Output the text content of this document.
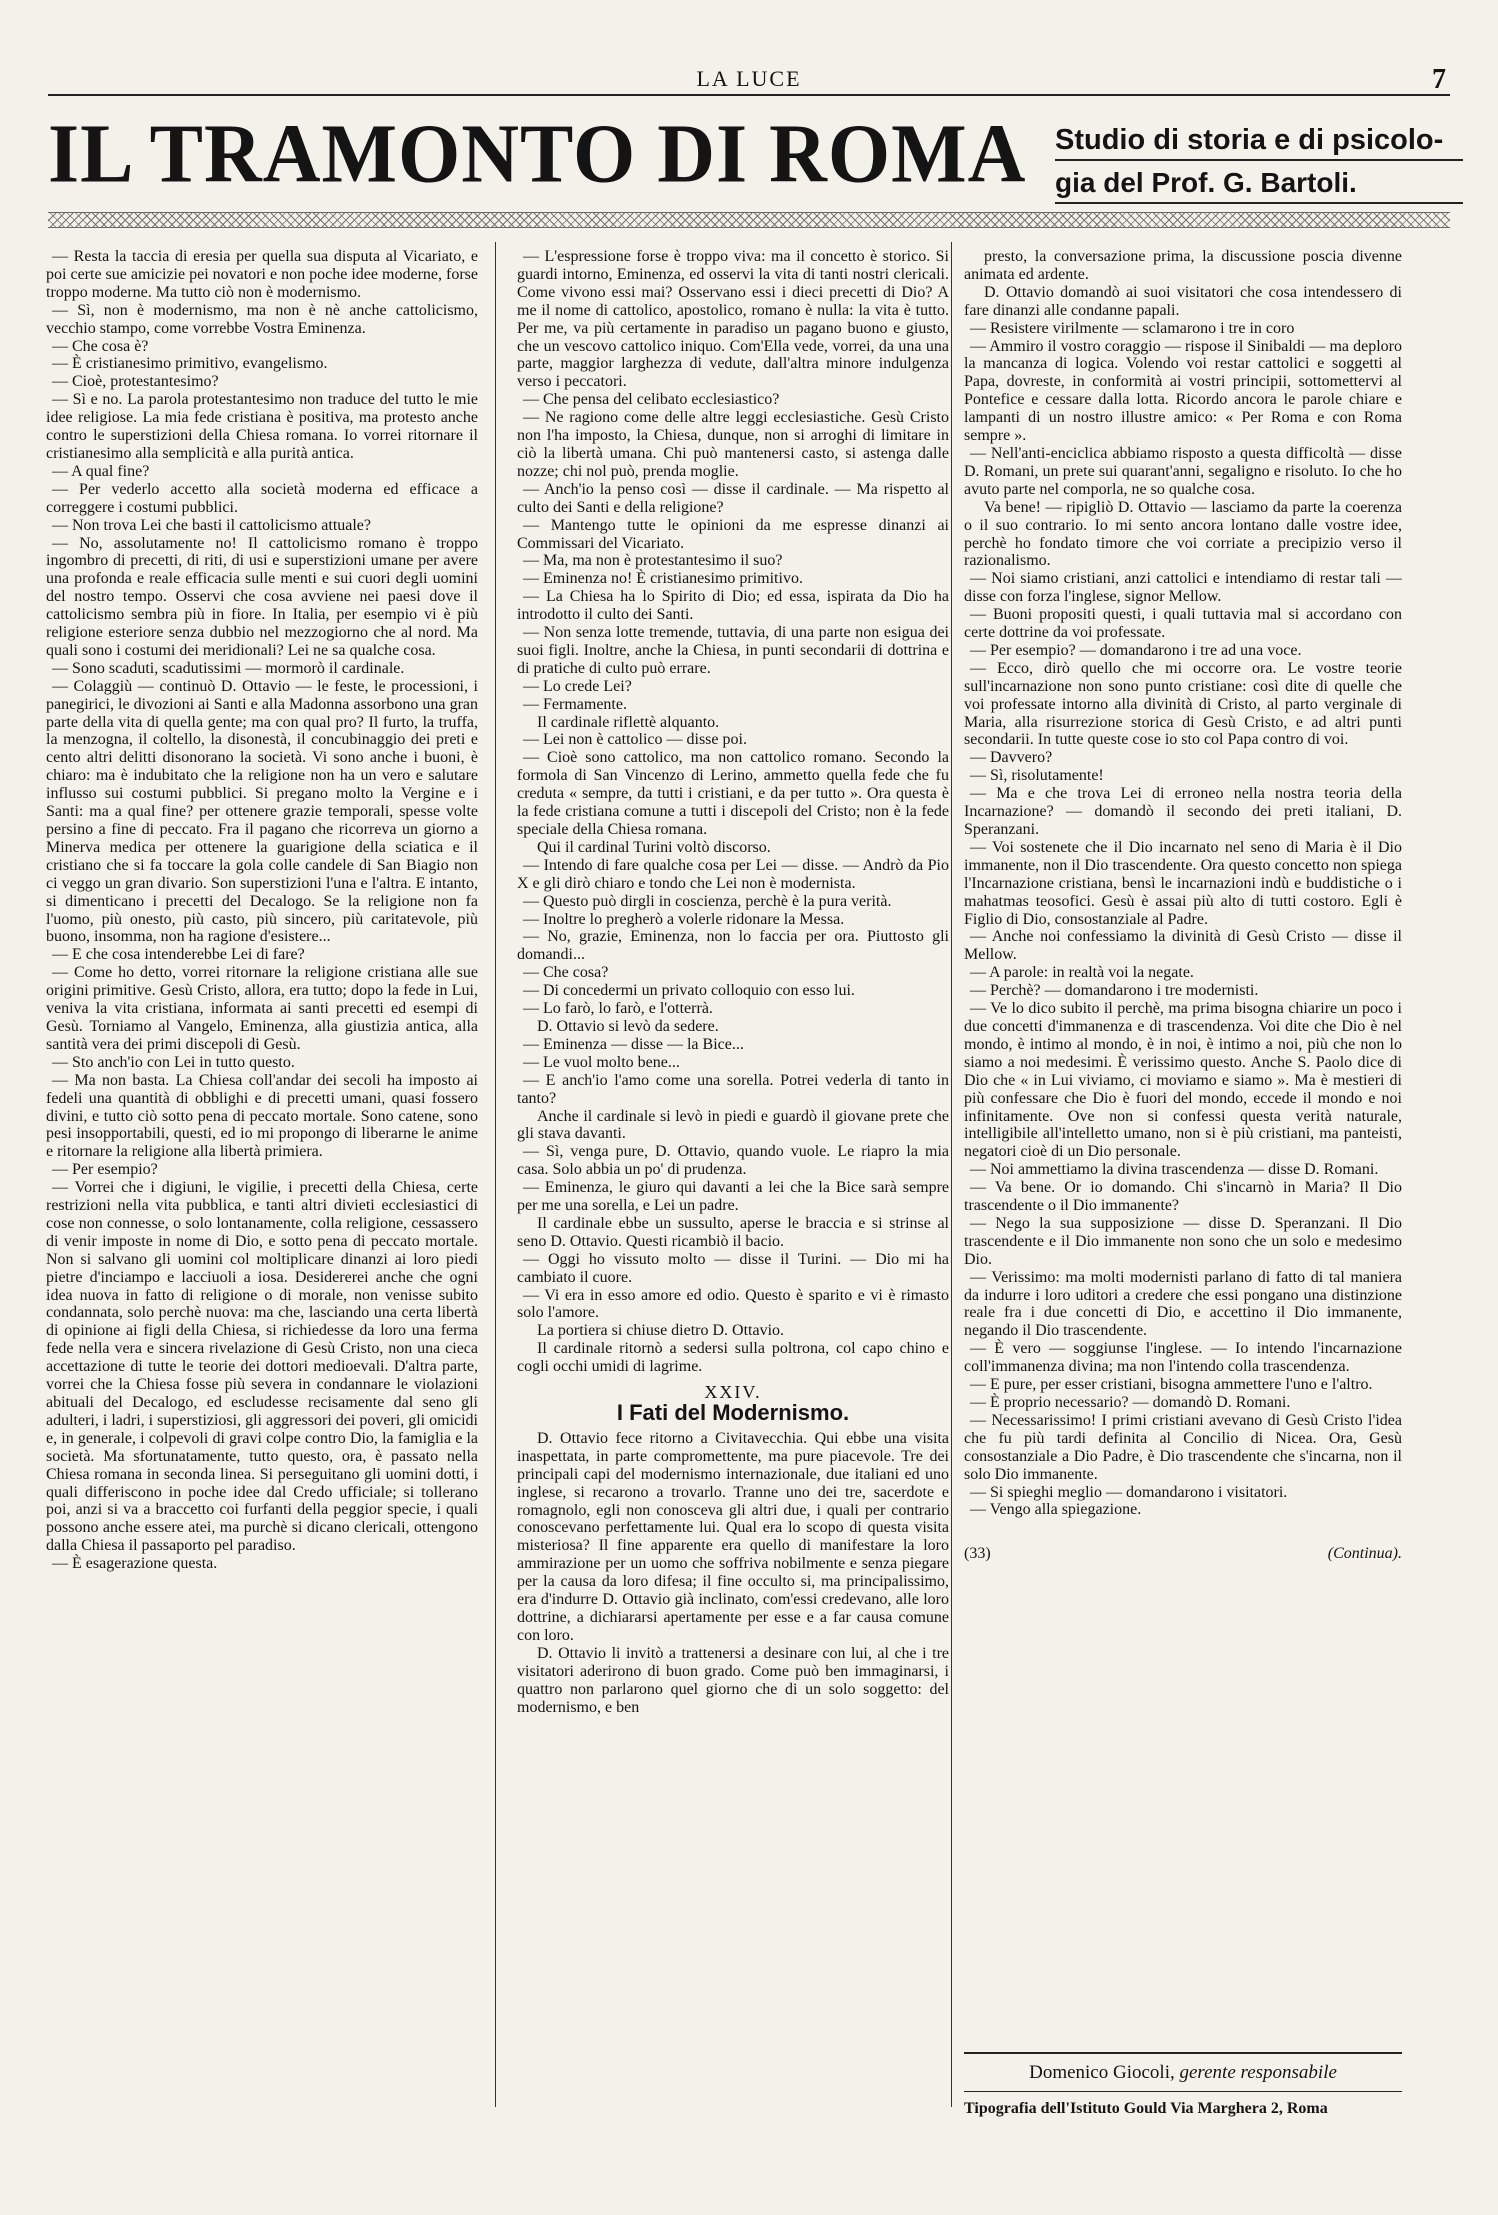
LA LUCE	7
IL TRAMONTO DI ROMA Studio di storia e di psicolo-
gia del Prof. G. Bartoli.

— Resta la taccia di eresia per quella sua disputa al Vicariato, e poi certe sue amicizie pei novatori e non poche idee moderne, forse troppo moderne. Ma tutto ciò non è modernismo.

— Sì, non è modernismo, ma non è nè anche cattolicismo, vecchio stampo, come vorrebbe Vostra Eminenza.

— Che cosa è?

— È cristianesimo primitivo, evangelismo.

— Cioè, protestantesimo?

— Sì e no. La parola protestantesimo non traduce del tutto le mie idee religiose. La mia fede cristiana è positiva, ma protesto anche contro le superstizioni della Chiesa romana. Io vorrei ritornare il cristianesimo alla semplicità e alla purità antica.

— A qual fine?

— Per vederlo accetto alla società moderna ed efficace a correggere i costumi pubblici.

— Non trova Lei che basti il cattolicismo attuale?

— No, assolutamente no! Il cattolicismo romano è troppo ingombro di precetti, di riti, di usi e superstizioni umane per avere una profonda e reale efficacia sulle menti e sui cuori degli uomini del nostro tempo. Osservi che cosa avviene nei paesi dove il cattolicismo sembra più in fiore. In Italia, per esempio vi è più religione esteriore senza dubbio nel mezzogiorno che al nord. Ma quali sono i costumi dei meridionali? Lei ne sa qualche cosa.

— Sono scaduti, scadutissimi — mormorò il cardinale.

— Colaggiù — continuò D. Ottavio — le feste, le processioni, i panegirici, le divozioni ai Santi e alla Madonna assorbono una gran parte della vita di quella gente; ma con qual pro? Il furto, la truffa, la menzogna, il coltello, la disonestà, il concubinaggio dei preti e cento altri delitti disonorano la società. Vi sono anche i buoni, è chiaro: ma è indubitato che la religione non ha un vero e salutare influsso sui costumi pubblici. Si pregano molto la Vergine e i Santi: ma a qual fine? per ottenere grazie temporali, spesse volte persino a fine di peccato. Fra il pagano che ricorreva un giorno a Minerva medica per ottenere la guarigione della sciatica e il cristiano che si fa toccare la gola colle candele di San Biagio non ci veggo un gran divario. Son superstizioni l'una e l'altra. E intanto, si dimenticano i precetti del Decalogo. Se la religione non fa l'uomo, più onesto, più casto, più sincero, più caritatevole, più buono, insomma, non ha ragione d'esistere...

— E che cosa intenderebbe Lei di fare?

— Come ho detto, vorrei ritornare la religione cristiana alle sue origini primitive. Gesù Cristo, allora, era tutto; dopo la fede in Lui, veniva la vita cristiana, informata ai santi precetti ed esempi di Gesù. Torniamo al Vangelo, Eminenza, alla giustizia antica, alla santità vera dei primi discepoli di Gesù.

— Sto anch'io con Lei in tutto questo.

— Ma non basta. La Chiesa coll'andar dei secoli ha imposto ai fedeli una quantità di obblighi e di precetti umani, quasi fossero divini, e tutto ciò sotto pena di peccato mortale. Sono catene, sono pesi insopportabili, questi, ed io mi propongo di liberarne le anime e ritornare la religione alla libertà primiera.

— Per esempio?

— Vorrei che i digiuni, le vigilie, i precetti della Chiesa, certe restrizioni nella vita pubblica, e tanti altri divieti ecclesiastici di cose non connesse, o solo lontanamente, colla religione, cessassero di venir imposte in nome di Dio, e sotto pena di peccato mortale. Non si salvano gli uomini col moltiplicare dinanzi ai loro piedi pietre d'inciampo e lacciuoli a iosa. Desidererei anche che ogni idea nuova in fatto di religione o di morale, non venisse subito condannata, solo perchè nuova: ma che, lasciando una certa libertà di opinione ai figli della Chiesa, si richiedesse da loro una ferma fede nella vera e sincera rivelazione di Gesù Cristo, non una cieca accettazione di tutte le teorie dei dottori medioevali. D'altra parte, vorrei che la Chiesa fosse più severa in condannare le violazioni abituali del Decalogo, ed escludesse recisamente dal seno gli adulteri, i ladri, i superstiziosi, gli aggressori dei poveri, gli omicidi e, in generale, i colpevoli di gravi colpe contro Dio, la famiglia e la società. Ma sfortunatamente, tutto questo, ora, è passato nella Chiesa romana in seconda linea. Si perseguitano gli uomini dotti, i quali differiscono in poche idee dal Credo ufficiale; si tollerano poi, anzi si va a braccetto coi furfanti della peggior specie, i quali possono anche essere atei, ma purchè si dicano clericali, ottengono dalla Chiesa il passaporto pel paradiso.

— È esagerazione questa.

— L'espressione forse è troppo viva: ma il concetto è storico. Si guardi intorno, Eminenza, ed osservi la vita di tanti nostri clericali. Come vivono essi mai? Osservano essi i dieci precetti di Dio? A me il nome di cattolico, apostolico, romano è nulla: la vita è tutto. Per me, va più certamente in paradiso un pagano buono e giusto, che un vescovo cattolico iniquo. Com'Ella vede, vorrei, da una una parte, maggior larghezza di vedute, dall'altra minore indulgenza verso i peccatori.

— Che pensa del celibato ecclesiastico?

— Ne ragiono come delle altre leggi ecclesiastiche. Gesù Cristo non l'ha imposto, la Chiesa, dunque, non si arroghi di limitare in ciò la libertà umana. Chi può mantenersi casto, si astenga dalle nozze; chi nol può, prenda moglie.

— Anch'io la penso così — disse il cardinale. — Ma rispetto al culto dei Santi e della religione?

— Mantengo tutte le opinioni da me espresse dinanzi ai Commissari del Vicariato.

— Ma, ma non è protestantesimo il suo?

— Eminenza no! È cristianesimo primitivo.

— La Chiesa ha lo Spirito di Dio; ed essa, ispirata da Dio ha introdotto il culto dei Santi.

— Non senza lotte tremende, tuttavia, di una parte non esigua dei suoi figli. Inoltre, anche la Chiesa, in punti secondarii di dottrina e di pratiche di culto può errare.

— Lo crede Lei?

— Fermamente.

Il cardinale riflettè alquanto.

— Lei non è cattolico — disse poi.

— Cioè sono cattolico, ma non cattolico romano. Secondo la formola di San Vincenzo di Lerino, ammetto quella fede che fu creduta « sempre, da tutti i cristiani, e da per tutto ». Ora questa è la fede cristiana comune a tutti i discepoli del Cristo; non è la fede speciale della Chiesa romana.

Qui il cardinal Turini voltò discorso.

— Intendo di fare qualche cosa per Lei — disse. — Andrò da Pio X e gli dirò chiaro e tondo che Lei non è modernista.

— Questo può dirgli in coscienza, perchè è la pura verità.

— Inoltre lo pregherò a volerle ridonare la Messa.

— No, grazie, Eminenza, non lo faccia per ora. Piuttosto gli domandi...

— Che cosa?

— Di concedermi un privato colloquio con esso lui.

— Lo farò, lo farò, e l'otterrà.

D. Ottavio si levò da sedere.

— Eminenza — disse — la Bice...

— Le vuol molto bene...

— E anch'io l'amo come una sorella. Potrei vederla di tanto in tanto?

Anche il cardinale si levò in piedi e guardò il giovane prete che gli stava davanti.

— Sì, venga pure, D. Ottavio, quando vuole. Le riapro la mia casa. Solo abbia un po' di prudenza.

— Eminenza, le giuro qui davanti a lei che la Bice sarà sempre per me una sorella, e Lei un padre.

Il cardinale ebbe un sussulto, aperse le braccia e si strinse al seno D. Ottavio. Questi ricambiò il bacio.

— Oggi ho vissuto molto — disse il Turini. — Dio mi ha cambiato il cuore.

— Vi era in esso amore ed odio. Questo è sparito e vi è rimasto solo l'amore.

La portiera si chiuse dietro D. Ottavio.

Il cardinale ritornò a sedersi sulla poltrona, col capo chino e cogli occhi umidi di lagrime.

XXIV.
I Fati del Modernismo.

D. Ottavio fece ritorno a Civitavecchia. Qui ebbe una visita inaspettata, in parte compromettente, ma pure piacevole. Tre dei principali capi del modernismo internazionale, due italiani ed uno inglese, si recarono a trovarlo. Tranne uno dei tre, sacerdote e romagnolo, egli non conosceva gli altri due, i quali per contrario conoscevano perfettamente lui. Qual era lo scopo di questa visita misteriosa? Il fine apparente era quello di manifestare la loro ammirazione per un uomo che soffriva nobilmente e senza piegare per la causa da loro difesa; il fine occulto si, ma principalissimo, era d'indurre D. Ottavio già inclinato, com'essi credevano, alle loro dottrine, a dichiararsi apertamente per esse e a far causa comune con loro.

D. Ottavio li invitò a trattenersi a desinare con lui, al che i tre visitatori aderirono di buon grado. Come può ben immaginarsi, i quattro non parlarono quel giorno che di un solo soggetto: del modernismo, e ben

presto, la conversazione prima, la discussione poscia divenne animata ed ardente.

D. Ottavio domandò ai suoi visitatori che cosa intendessero di fare dinanzi alle condanne papali.

— Resistere virilmente — sclamarono i tre in coro

— Ammiro il vostro coraggio — rispose il Sinibaldi — ma deploro la mancanza di logica. Volendo voi restar cattolici e soggetti al Papa, dovreste, in conformità ai vostri principii, sottomettervi al Pontefice e cessare dalla lotta. Ricordo ancora le parole chiare e lampanti di un nostro illustre amico: « Per Roma e con Roma sempre ».

— Nell'anti-enciclica abbiamo risposto a questa difficoltà — disse D. Romani, un prete sui quarant'anni, segaligno e risoluto. Io che ho avuto parte nel comporla, ne so qualche cosa.

Va bene! — ripigliò D. Ottavio — lasciamo da parte la coerenza o il suo contrario. Io mi sento ancora lontano dalle vostre idee, perchè ho fondato timore che voi corriate a precipizio verso il razionalismo.

— Noi siamo cristiani, anzi cattolici e intendiamo di restar tali — disse con forza l'inglese, signor Mellow.

— Buoni propositi questi, i quali tuttavia mal si accordano con certe dottrine da voi professate.

— Per esempio? — domandarono i tre ad una voce.

— Ecco, dirò quello che mi occorre ora. Le vostre teorie sull'incarnazione non sono punto cristiane: così dite di quelle che voi professate intorno alla divinità di Cristo, al parto verginale di Maria, alla risurrezione storica di Gesù Cristo, e ad altri punti secondarii. In tutte queste cose io sto col Papa contro di voi.

— Davvero?

— Sì, risolutamente!

— Ma e che trova Lei di erroneo nella nostra teoria della Incarnazione? — domandò il secondo dei preti italiani, D. Speranzani.

— Voi sostenete che il Dio incarnato nel seno di Maria è il Dio immanente, non il Dio trascendente. Ora questo concetto non spiega l'Incarnazione cristiana, bensì le incarnazioni indù e buddistiche o i mahatmas teosofici. Gesù è assai più alto di tutti costoro. Egli è Figlio di Dio, consostanziale al Padre.

— Anche noi confessiamo la divinità di Gesù Cristo — disse il Mellow.

— A parole: in realtà voi la negate.

— Perchè? — domandarono i tre modernisti.

— Ve lo dico subito il perchè, ma prima bisogna chiarire un poco i due concetti d'immanenza e di trascendenza. Voi dite che Dio è nel mondo, è intimo al mondo, è in noi, è intimo a noi, più che non lo siamo a noi medesimi. È verissimo questo. Anche S. Paolo dice di Dio che « in Lui viviamo, ci moviamo e siamo ». Ma è mestieri di più confessare che Dio è fuori del mondo, eccede il mondo e noi infinitamente. Ove non si confessi questa verità naturale, intelligibile all'intelletto umano, non si è più cristiani, ma panteisti, negatori cioè di un Dio personale.

— Noi ammettiamo la divina trascendenza — disse D. Romani.

— Va bene. Or io domando. Chi s'incarnò in Maria? Il Dio trascendente o il Dio immanente?

— Nego la sua supposizione — disse D. Speranzani. Il Dio trascendente e il Dio immanente non sono che un solo e medesimo Dio.

— Verissimo: ma molti modernisti parlano di fatto di tal maniera da indurre i loro uditori a credere che essi pongano una distinzione reale fra i due concetti di Dio, e accettino il Dio immanente, negando il Dio trascendente.

— È vero — soggiunse l'inglese. — Io intendo l'incarnazione coll'immanenza divina; ma non l'intendo colla trascendenza.

— E pure, per esser cristiani, bisogna ammettere l'uno e l'altro.

— È proprio necessario? — domandò D. Romani.

— Necessarissimo! I primi cristiani avevano di Gesù Cristo l'idea che fu più tardi definita al Concilio di Nicea. Ora, Gesù consostanziale a Dio Padre, è Dio trascendente che s'incarna, non il solo Dio immanente.

— Si spieghi meglio — domandarono i visitatori.

— Vengo alla spiegazione.

(33)	(Continua).
Domenico Giocoli, gerente responsabile
Tipografia dell'Istituto Gould Via Marghera 2, Roma
